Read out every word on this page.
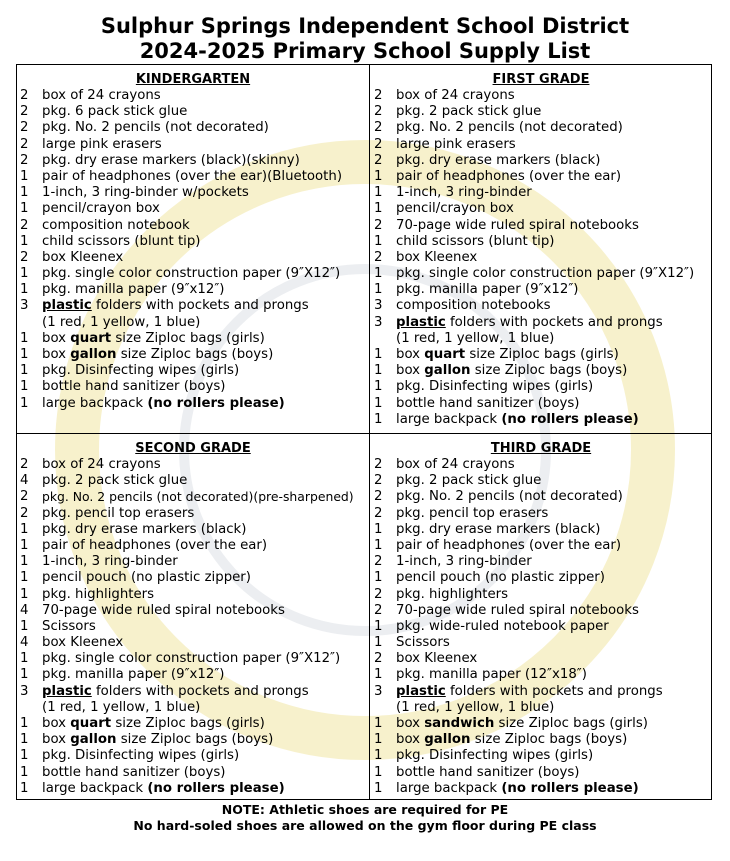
Sulphur Springs Independent School District
2024-2025 Primary School Supply List
KINDERGARTEN
2	box of 24 crayons
2	pkg. 6 pack stick glue
2	pkg. No. 2 pencils (not decorated)
2	large pink erasers
2	pkg. dry erase markers (black)(skinny)
1	pair of headphones (over the ear)(Bluetooth)
1	1-inch, 3 ring-binder w/pockets
1	pencil/crayon box
2	composition notebook
1	child scissors (blunt tip)
2	box Kleenex
1	pkg. single color construction paper (9″X12″)
1	pkg. manilla paper (9″x12″)
3	plastic folders with pockets and prongs
(1 red, 1 yellow, 1 blue)
1	box quart size Ziploc bags (girls)
1	box gallon size Ziploc bags (boys)
1	pkg. Disinfecting wipes (girls)
1	bottle hand sanitizer (boys)
1	large backpack (no rollers please)
FIRST GRADE
2	box of 24 crayons
2	pkg. 2 pack stick glue
2	pkg. No. 2 pencils (not decorated)
2	large pink erasers
2	pkg. dry erase markers (black)
1	pair of headphones (over the ear)
1	1-inch, 3 ring-binder
1	pencil/crayon box
2	70-page wide ruled spiral notebooks
1	child scissors (blunt tip)
2	box Kleenex
1	pkg. single color construction paper (9″X12″)
1	pkg. manilla paper (9″x12″)
3	composition notebooks
3	plastic folders with pockets and prongs
(1 red, 1 yellow, 1 blue)
1	box quart size Ziploc bags (girls)
1	box gallon size Ziploc bags (boys)
1	pkg. Disinfecting wipes (girls)
1	bottle hand sanitizer (boys)
1	large backpack (no rollers please)
SECOND GRADE
2	box of 24 crayons
4	pkg. 2 pack stick glue
2	pkg. No. 2 pencils (not decorated)(pre-sharpened)
2	pkg. pencil top erasers
1	pkg. dry erase markers (black)
1	pair of headphones (over the ear)
1	1-inch, 3 ring-binder
1	pencil pouch (no plastic zipper)
1	pkg. highlighters
4	70-page wide ruled spiral notebooks
1	Scissors
4	box Kleenex
1	pkg. single color construction paper (9″X12″)
1	pkg. manilla paper (9″x12″)
3	plastic folders with pockets and prongs
(1 red, 1 yellow, 1 blue)
1	box quart size Ziploc bags (girls)
1	box gallon size Ziploc bags (boys)
1	pkg. Disinfecting wipes (girls)
1	bottle hand sanitizer (boys)
1	large backpack (no rollers please)
THIRD GRADE
2	box of 24 crayons
2	pkg. 2 pack stick glue
2	pkg. No. 2 pencils (not decorated)
2	pkg. pencil top erasers
1	pkg. dry erase markers (black)
1	pair of headphones (over the ear)
2	1-inch, 3 ring-binder
1	pencil pouch (no plastic zipper)
2	pkg. highlighters
2	70-page wide ruled spiral notebooks
1	pkg. wide-ruled notebook paper
1	Scissors
2	box Kleenex
1	pkg. manilla paper (12″x18″)
3	plastic folders with pockets and prongs
(1 red, 1 yellow, 1 blue)
1	box sandwich size Ziploc bags (girls)
1	box gallon size Ziploc bags (boys)
1	pkg. Disinfecting wipes (girls)
1	bottle hand sanitizer (boys)
1	large backpack (no rollers please)
NOTE: Athletic shoes are required for PE
No hard-soled shoes are allowed on the gym floor during PE class
